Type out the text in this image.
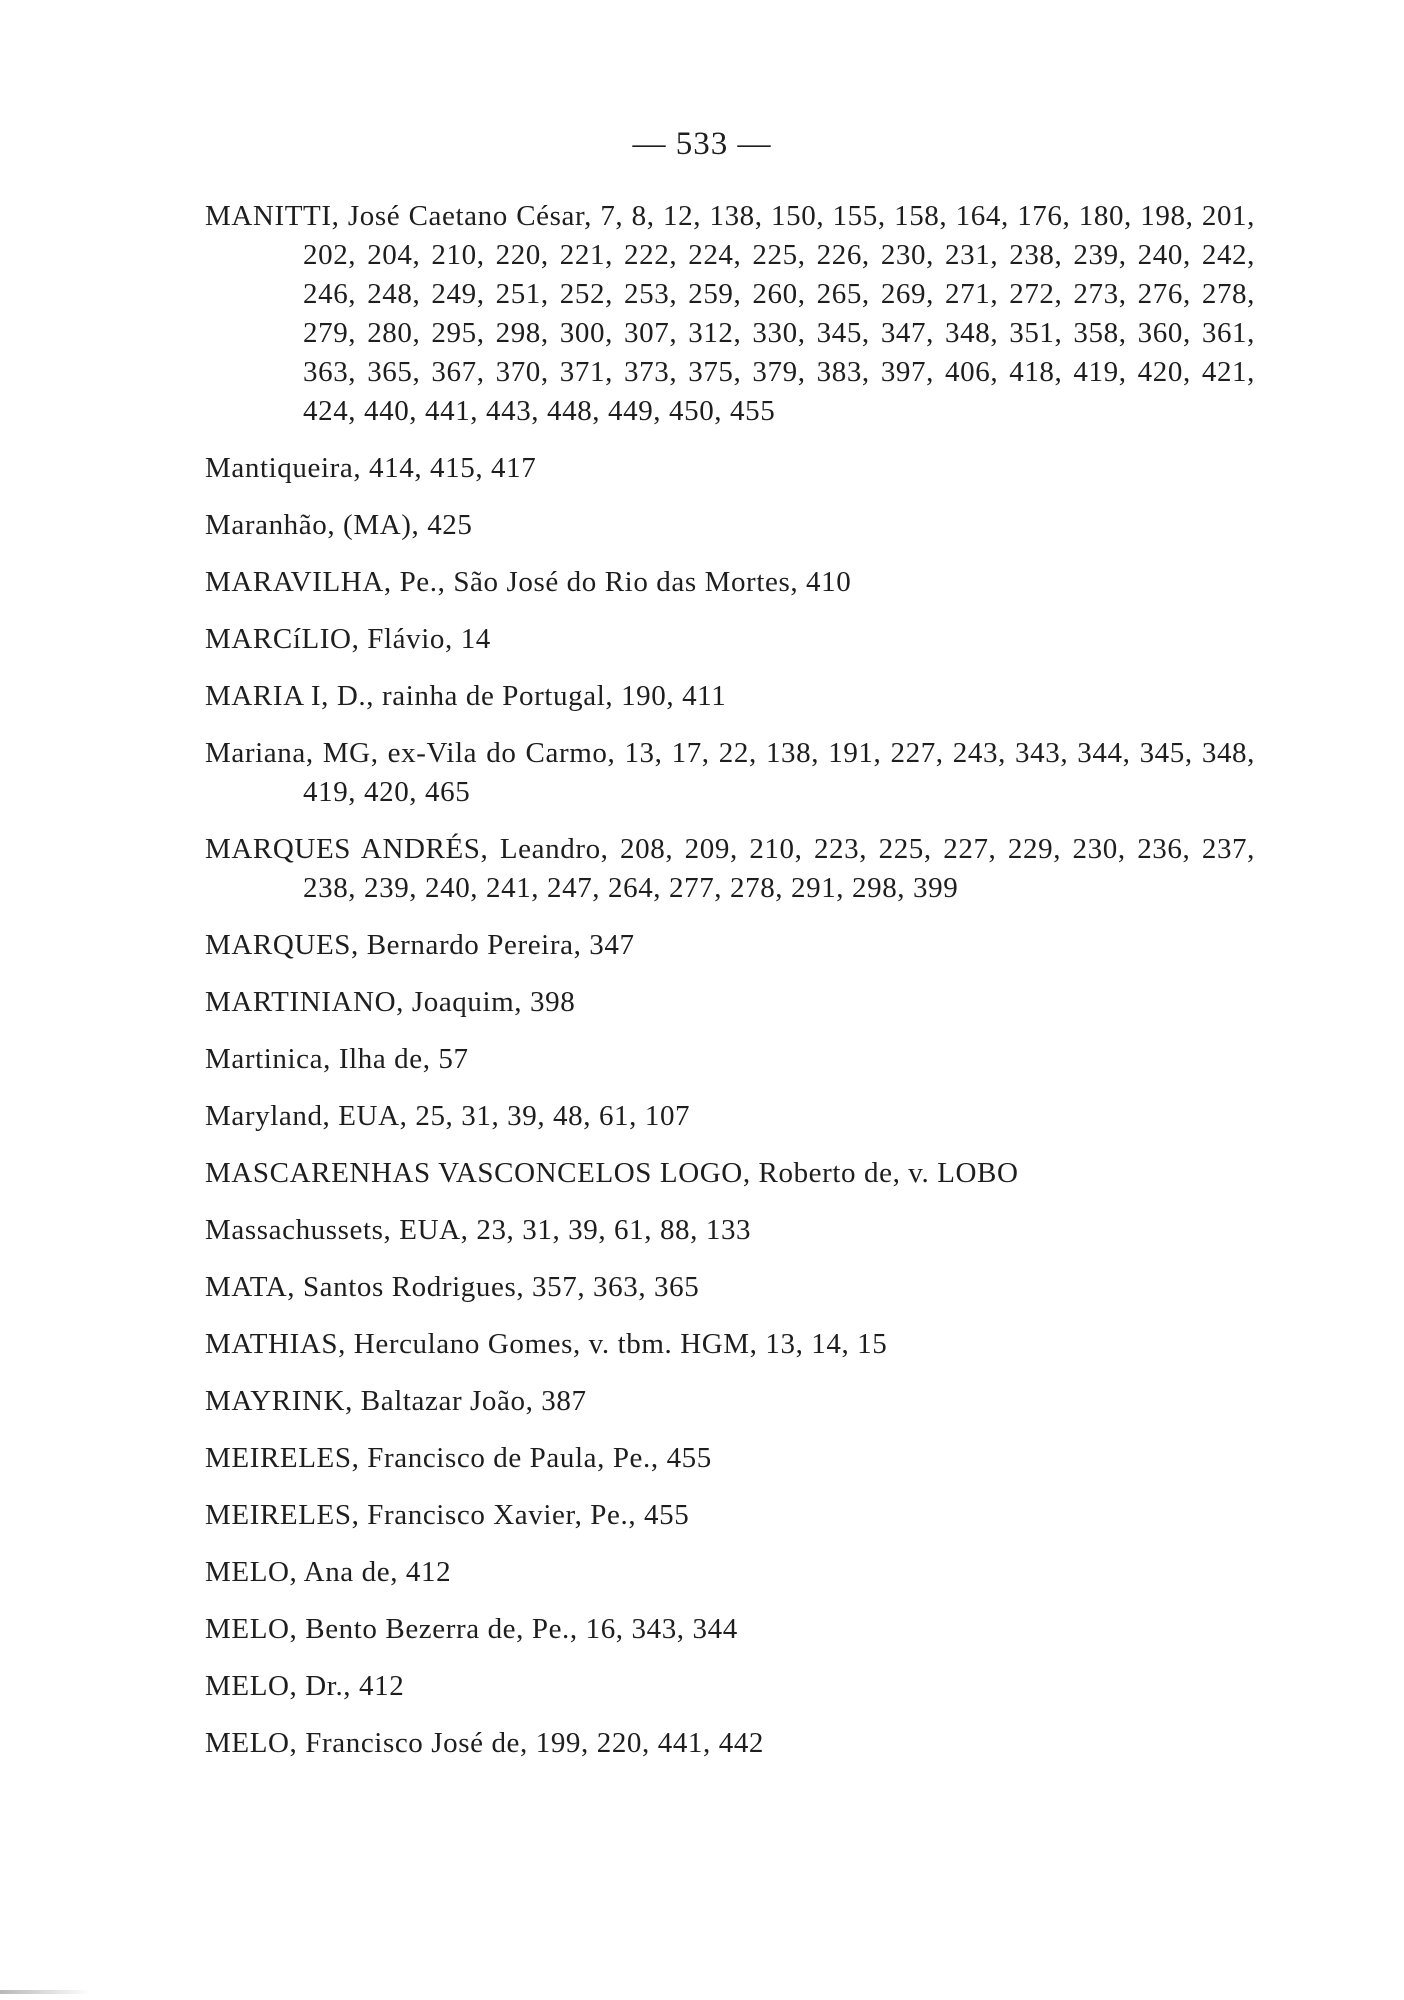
— 533 —
MANITTI, José Caetano César, 7, 8, 12, 138, 150, 155, 158, 164, 176, 180, 198, 201, 202, 204, 210, 220, 221, 222, 224, 225, 226, 230, 231, 238, 239, 240, 242, 246, 248, 249, 251, 252, 253, 259, 260, 265, 269, 271, 272, 273, 276, 278, 279, 280, 295, 298, 300, 307, 312, 330, 345, 347, 348, 351, 358, 360, 361, 363, 365, 367, 370, 371, 373, 375, 379, 383, 397, 406, 418, 419, 420, 421, 424, 440, 441, 443, 448, 449, 450, 455
Mantiqueira, 414, 415, 417
Maranhão, (MA), 425
MARAVILHA, Pe., São José do Rio das Mortes, 410
MARCíLIO, Flávio, 14
MARIA I, D., rainha de Portugal, 190, 411
Mariana, MG, ex-Vila do Carmo, 13, 17, 22, 138, 191, 227, 243, 343, 344, 345, 348, 419, 420, 465
MARQUES ANDRÉS, Leandro, 208, 209, 210, 223, 225, 227, 229, 230, 236, 237, 238, 239, 240, 241, 247, 264, 277, 278, 291, 298, 399
MARQUES, Bernardo Pereira, 347
MARTINIANO, Joaquim, 398
Martinica, Ilha de, 57
Maryland, EUA, 25, 31, 39, 48, 61, 107
MASCARENHAS VASCONCELOS LOGO, Roberto de, v. LOBO
Massachussets, EUA, 23, 31, 39, 61, 88, 133
MATA, Santos Rodrigues, 357, 363, 365
MATHIAS, Herculano Gomes, v. tbm. HGM, 13, 14, 15
MAYRINK, Baltazar João, 387
MEIRELES, Francisco de Paula, Pe., 455
MEIRELES, Francisco Xavier, Pe., 455
MELO, Ana de, 412
MELO, Bento Bezerra de, Pe., 16, 343, 344
MELO, Dr., 412
MELO, Francisco José de, 199, 220, 441, 442
